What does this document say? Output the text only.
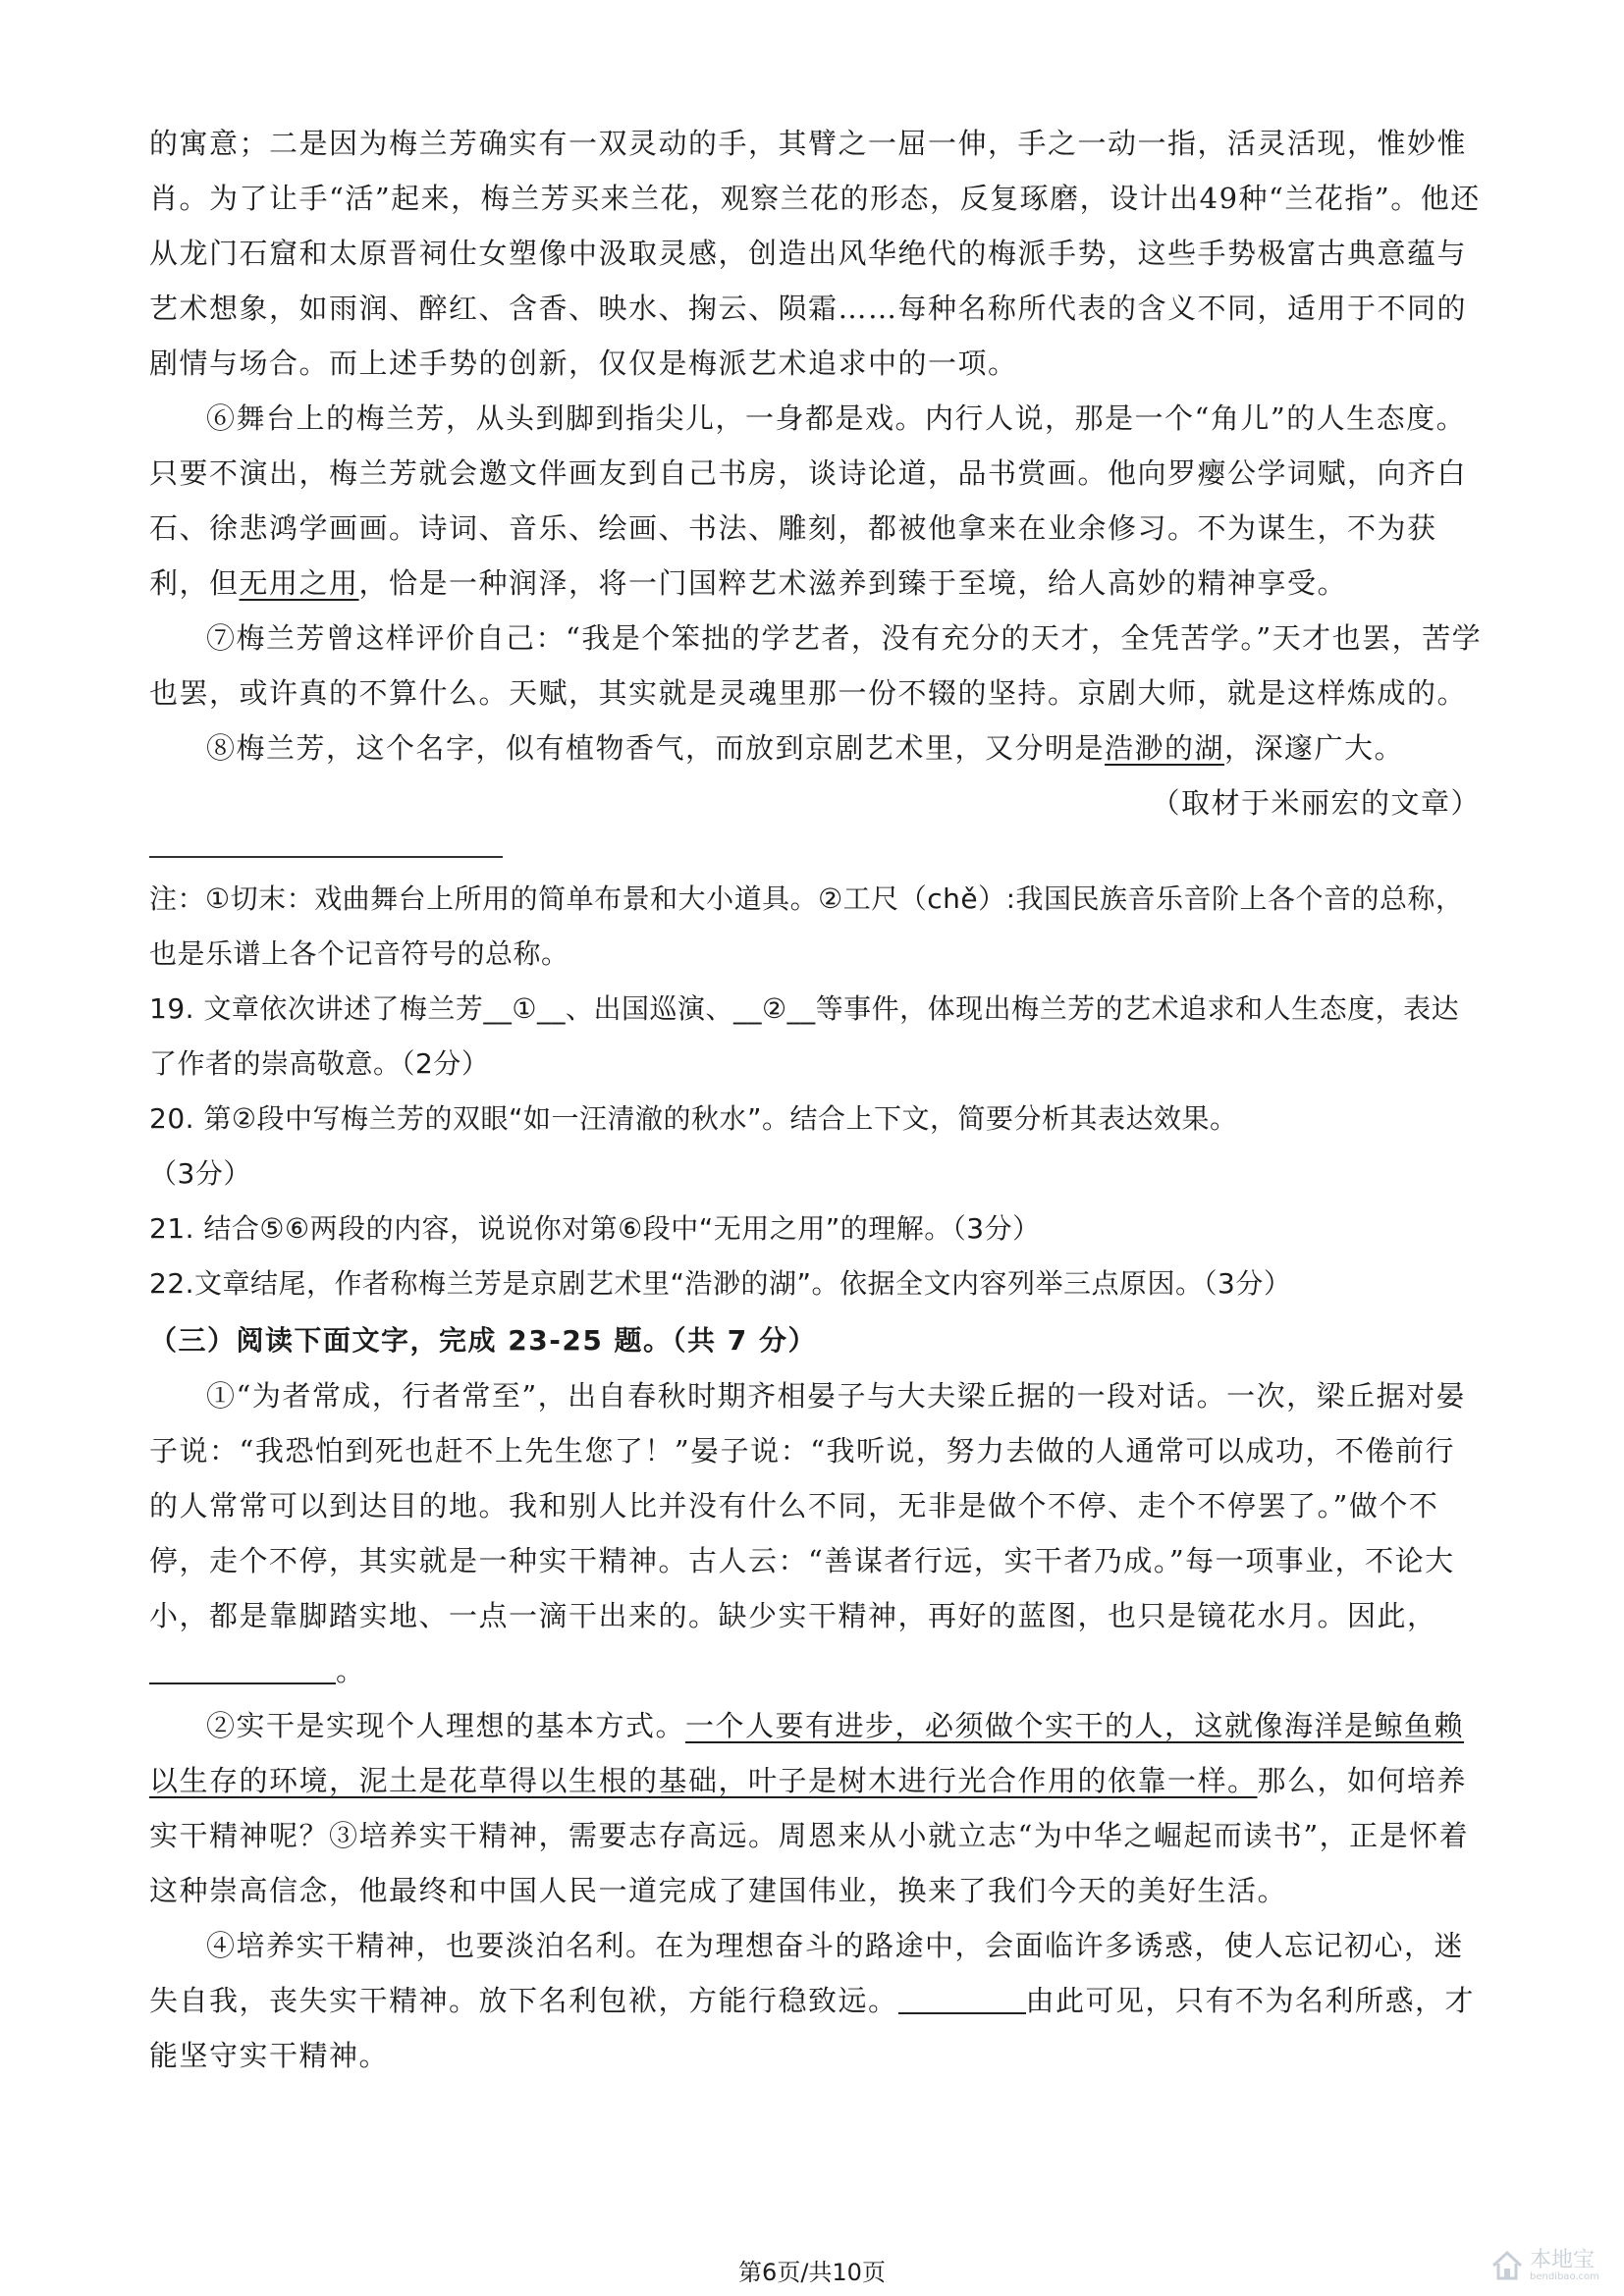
的寓意；二是因为梅兰芳确实有一双灵动的手，其臂之一屈一伸，手之一动一指，活灵活现，惟妙惟肖。为了让手“活”起来，梅兰芳买来兰花，观察兰花的形态，反复琢磨，设计出49种“兰花指”。他还从龙门石窟和太原晋祠仕女塑像中汲取灵感，创造出风华绝代的梅派手势，这些手势极富古典意蕴与艺术想象，如雨润、醉红、含香、映水、掬云、陨霜……每种名称所代表的含义不同，适用于不同的剧情与场合。而上述手势的创新，仅仅是梅派艺术追求中的一项。

⑥舞台上的梅兰芳，从头到脚到指尖儿，一身都是戏。内行人说，那是一个“角儿”的人生态度。只要不演出，梅兰芳就会邀文伴画友到自己书房，谈诗论道，品书赏画。他向罗瘿公学词赋，向齐白石、徐悲鸿学画画。诗词、音乐、绘画、书法、雕刻，都被他拿来在业余修习。不为谋生，不为获利，但无用之用，恰是一种润泽，将一门国粹艺术滋养到臻于至境，给人高妙的精神享受。

⑦梅兰芳曾这样评价自己：“我是个笨拙的学艺者，没有充分的天才，全凭苦学。”天才也罢，苦学也罢，或许真的不算什么。天赋，其实就是灵魂里那一份不辍的坚持。京剧大师，就是这样炼成的。

⑧梅兰芳，这个名字，似有植物香气，而放到京剧艺术里，又分明是浩渺的湖，深邃广大。

（取材于米丽宏的文章）

注：①切末：戏曲舞台上所用的简单布景和大小道具。②工尺（chě）:我国民族音乐音阶上各个音的总称，也是乐谱上各个记音符号的总称。

19. 文章依次讲述了梅兰芳__①__、出国巡演、__②__等事件，体现出梅兰芳的艺术追求和人生态度，表达了作者的崇高敬意。（2分）

20. 第②段中写梅兰芳的双眼“如一汪清澈的秋水”。结合上下文，简要分析其表达效果。

（3分）

21. 结合⑤⑥两段的内容，说说你对第⑥段中“无用之用”的理解。（3分）

22.文章结尾，作者称梅兰芳是京剧艺术里“浩渺的湖”。依据全文内容列举三点原因。（3分）

（三）阅读下面文字，完成 23-25 题。（共 7 分）

①“为者常成，行者常至”，出自春秋时期齐相晏子与大夫梁丘据的一段对话。一次，梁丘据对晏子说：“我恐怕到死也赶不上先生您了！”晏子说：“我听说，努力去做的人通常可以成功，不倦前行的人常常可以到达目的地。我和别人比并没有什么不同，无非是做个不停、走个不停罢了。”做个不停，走个不停，其实就是一种实干精神。古人云：“善谋者行远，实干者乃成。”每一项事业，不论大小，都是靠脚踏实地、一点一滴干出来的。缺少实干精神，再好的蓝图，也只是镜花水月。因此，。

②实干是实现个人理想的基本方式。一个人要有进步，必须做个实干的人，这就像海洋是鲸鱼赖以生存的环境，泥土是花草得以生根的基础，叶子是树木进行光合作用的依靠一样。那么，如何培养实干精神呢？③培养实干精神，需要志存高远。周恩来从小就立志“为中华之崛起而读书”，正是怀着这种崇高信念，他最终和中国人民一道完成了建国伟业，换来了我们今天的美好生活。

④培养实干精神，也要淡泊名利。在为理想奋斗的路途中，会面临许多诱惑，使人忘记初心，迷失自我，丧失实干精神。放下名利包袱，方能行稳致远。	由此可见，只有不为名利所惑，才能坚守实干精神。

第6页/共10页	本地宝
bendibao.com
